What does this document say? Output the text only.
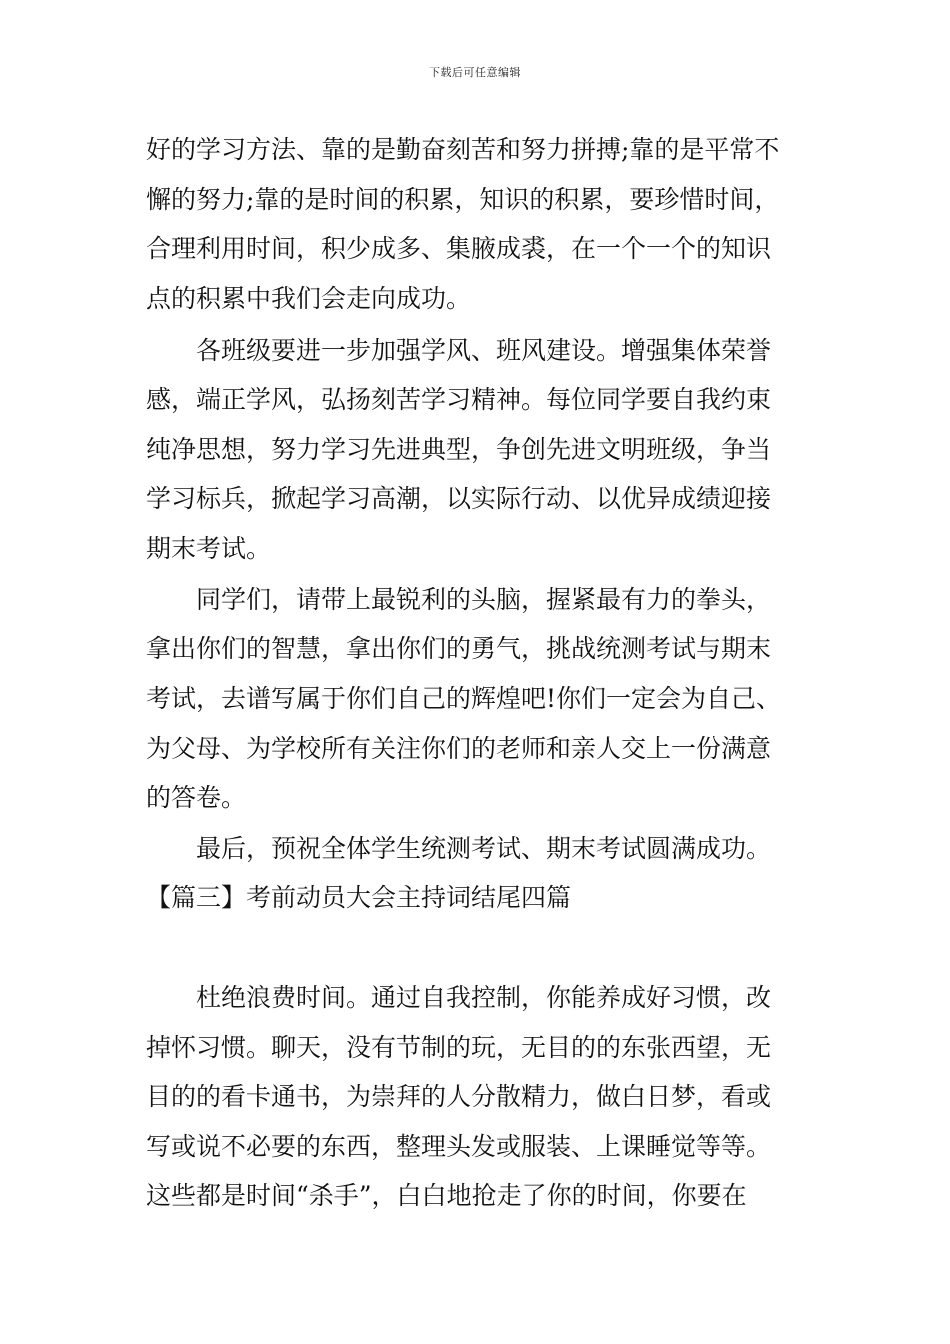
下载后可任意编辑
好的学习方法、靠的是勤奋刻苦和努力拼搏;靠的是平常不
懈的努力;靠的是时间的积累，知识的积累，要珍惜时间，
合理利用时间，积少成多、集腋成裘，在一个一个的知识
点的积累中我们会走向成功。
各班级要进一步加强学风、班风建设。增强集体荣誉
感，端正学风，弘扬刻苦学习精神。每位同学要自我约束
纯净思想，努力学习先进典型，争创先进文明班级，争当
学习标兵，掀起学习高潮，以实际行动、以优异成绩迎接
期末考试。
同学们，请带上最锐利的头脑，握紧最有力的拳头，
拿出你们的智慧，拿出你们的勇气，挑战统测考试与期末
考试，去谱写属于你们自己的辉煌吧!你们一定会为自己、
为父母、为学校所有关注你们的老师和亲人交上一份满意
的答卷。
最后，预祝全体学生统测考试、期末考试圆满成功。
【篇三】考前动员大会主持词结尾四篇
杜绝浪费时间。通过自我控制，你能养成好习惯，改
掉怀习惯。聊天，没有节制的玩，无目的的东张西望，无
目的的看卡通书，为崇拜的人分散精力，做白日梦，看或
写或说不必要的东西，整理头发或服装、上课睡觉等等。
这些都是时间“杀手”，白白地抢走了你的时间，你要在
